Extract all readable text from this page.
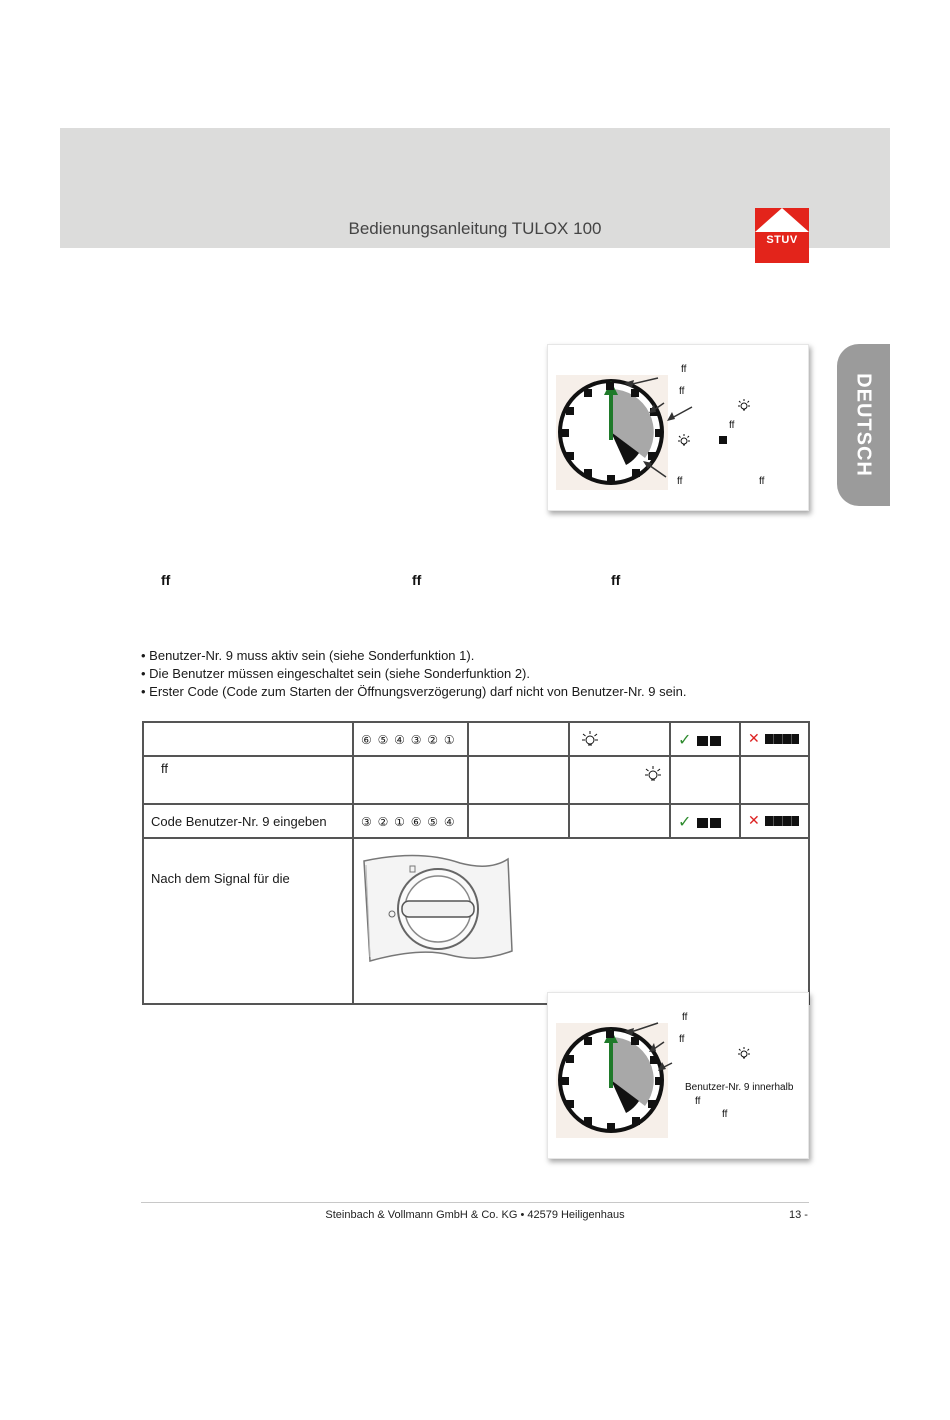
Bedienungsanleitung TULOX 100
STUV
DEUTSCH
ff
ff
ff
ff	ff
ff	ff	ff
• Benutzer-Nr. 9 muss aktiv sein (siehe Sonderfunktion 1).
• Die Benutzer müssen eingeschaltet sein (siehe Sonderfunktion 2).
• Erster Code (Code zum Starten der Öffnungsverzögerung) darf nicht von Benutzer-Nr. 9 sein.
	⑥ ⑤ ④ ③ ② ①			✓	✕
ff					
Code Benutzer-Nr. 9 eingeben	③ ② ① ⑥ ⑤ ④			✓	✕
Nach dem Signal für die	
ff
ff
Benutzer-Nr. 9 innerhalb
ff
ff
Steinbach & Vollmann GmbH & Co. KG • 42579 Heiligenhaus	13 -
